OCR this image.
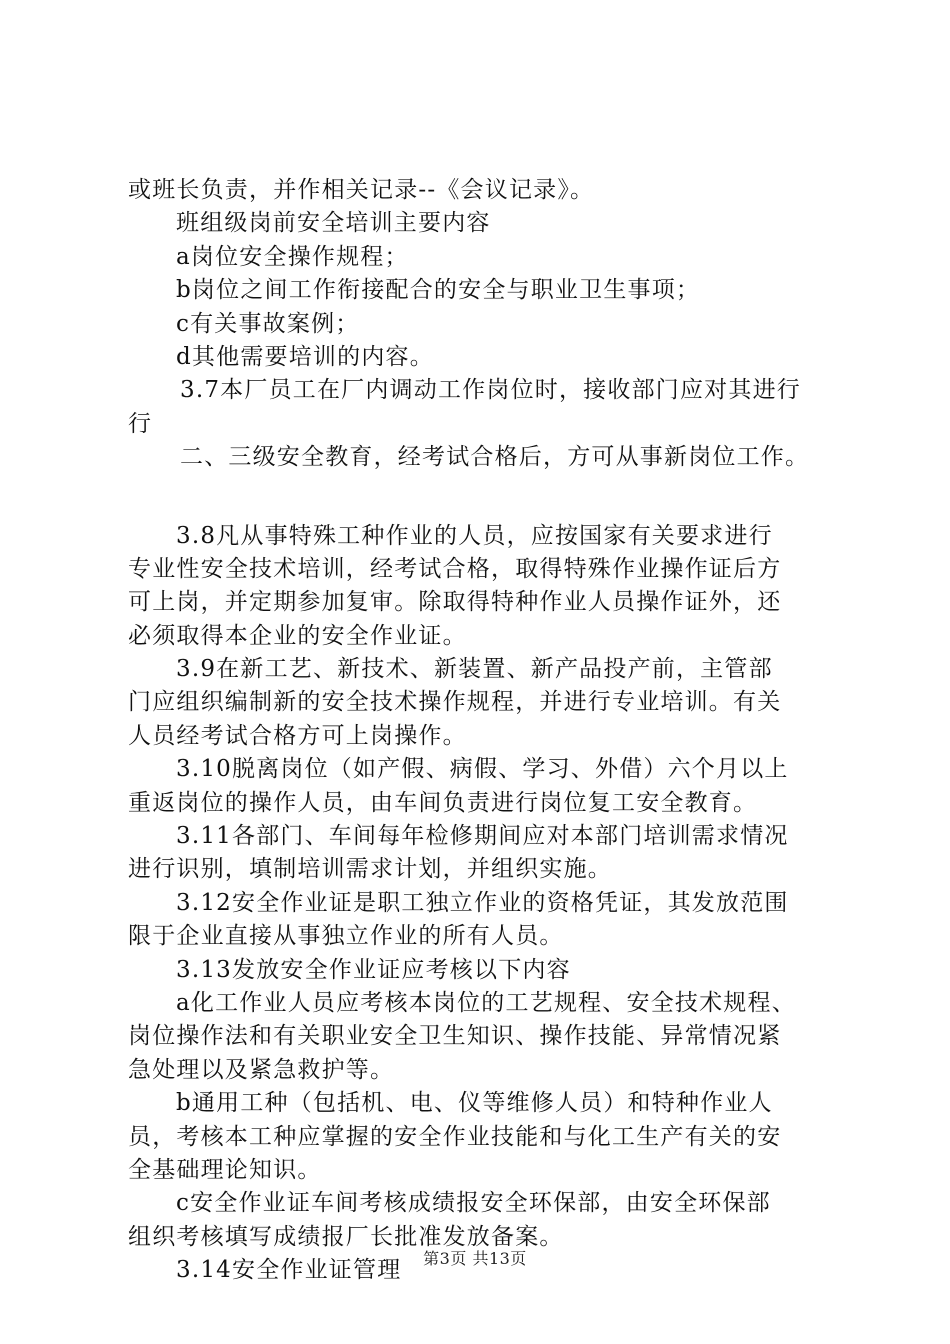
或班长负责，并作相关记录--《会议记录》。
班组级岗前安全培训主要内容
a岗位安全操作规程；
b岗位之间工作衔接配合的安全与职业卫生事项；
c有关事故案例；
d其他需要培训的内容。
3.7本厂员工在厂内调动工作岗位时，接收部门应对其进行
行
二、三级安全教育，经考试合格后，方可从事新岗位工作。
3.8凡从事特殊工种作业的人员，应按国家有关要求进行
专业性安全技术培训，经考试合格，取得特殊作业操作证后方
可上岗，并定期参加复审。除取得特种作业人员操作证外，还
必须取得本企业的安全作业证。
3.9在新工艺、新技术、新装置、新产品投产前，主管部
门应组织编制新的安全技术操作规程，并进行专业培训。有关
人员经考试合格方可上岗操作。
3.10脱离岗位（如产假、病假、学习、外借）六个月以上
重返岗位的操作人员，由车间负责进行岗位复工安全教育。
3.11各部门、车间每年检修期间应对本部门培训需求情况
进行识别，填制培训需求计划，并组织实施。
3.12安全作业证是职工独立作业的资格凭证，其发放范围
限于企业直接从事独立作业的所有人员。
3.13发放安全作业证应考核以下内容
a化工作业人员应考核本岗位的工艺规程、安全技术规程、
岗位操作法和有关职业安全卫生知识、操作技能、异常情况紧
急处理以及紧急救护等。
b通用工种（包括机、电、仪等维修人员）和特种作业人
员，考核本工种应掌握的安全作业技能和与化工生产有关的安
全基础理论知识。
c安全作业证车间考核成绩报安全环保部，由安全环保部
组织考核填写成绩报厂长批准发放备案。
3.14安全作业证管理	第3页 共13页
